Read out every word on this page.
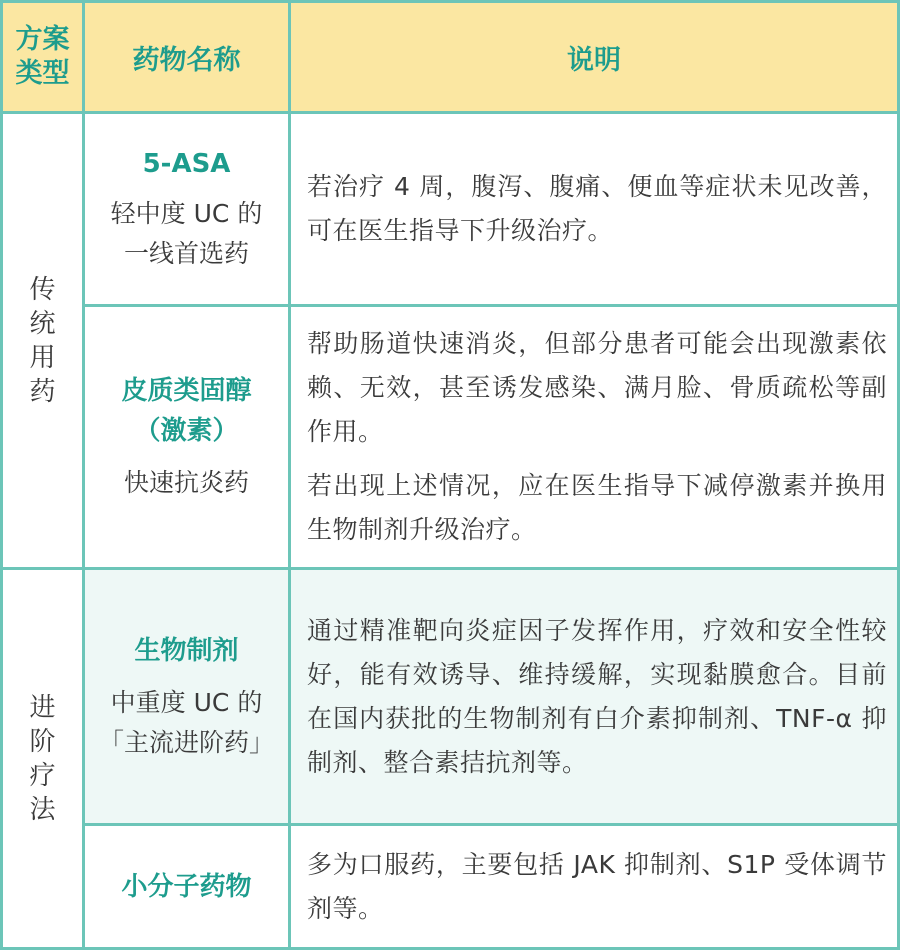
方案类型 药物名称	说明
传统用药
5-ASA
轻中度 UC 的
一线首选药

若治疗 4 周，腹泻、腹痛、便血等症状未见改善，可在医生指导下升级治疗。

皮质类固醇
（激素）
快速抗炎药

帮助肠道快速消炎，但部分患者可能会出现激素依赖、无效，甚至诱发感染、满月脸、骨质疏松等副作用。

若出现上述情况，应在医生指导下减停激素并换用生物制剂升级治疗。

进阶疗法
生物制剂
中重度 UC 的
「主流进阶药」

通过精准靶向炎症因子发挥作用，疗效和安全性较好，能有效诱导、维持缓解，实现黏膜愈合。目前在国内获批的生物制剂有白介素抑制剂、TNF-α 抑制剂、整合素拮抗剂等。

小分子药物

多为口服药，主要包括 JAK 抑制剂、S1P 受体调节剂等。
